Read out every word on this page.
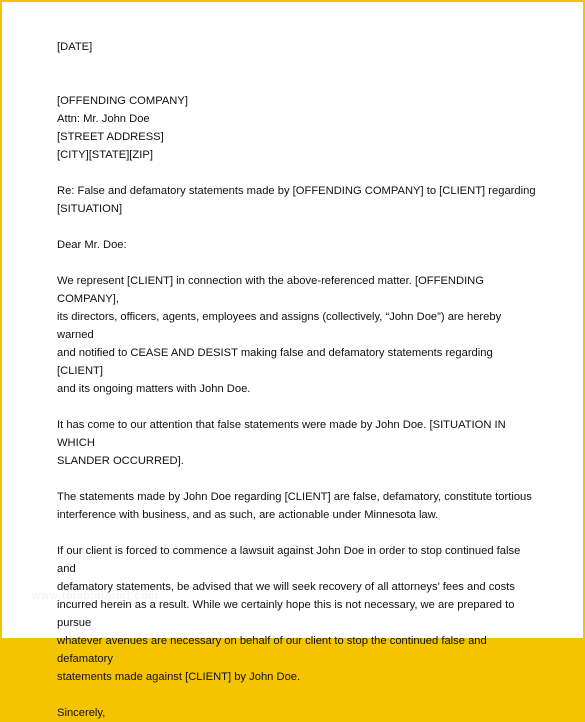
[DATE]

[OFFENDING COMPANY]

Attn: Mr. John Doe

[STREET ADDRESS]

[CITY][STATE][ZIP]

Re: False and defamatory statements made by [OFFENDING COMPANY] to [CLIENT] regarding

[SITUATION]

Dear Mr. Doe:

We represent [CLIENT] in connection with the above-referenced matter. [OFFENDING COMPANY],

its directors, officers, agents, employees and assigns (collectively, “John Doe”) are hereby warned

and notified to CEASE AND DESIST making false and defamatory statements regarding [CLIENT]

and its ongoing matters with John Doe.

It has come to our attention that false statements were made by John Doe. [SITUATION IN WHICH

SLANDER OCCURRED].

The statements made by John Doe regarding [CLIENT] are false, defamatory, constitute tortious

interference with business, and as such, are actionable under Minnesota law.

If our client is forced to commence a lawsuit against John Doe in order to stop continued false and

defamatory statements, be advised that we will seek recovery of all attorneys’ fees and costs

incurred herein as a result. While we certainly hope this is not necessary, we are prepared to pursue

whatever avenues are necessary on behalf of our client to stop the continued false and defamatory

statements made against [CLIENT] by John Doe.

Sincerely,

www.templatenet.com
